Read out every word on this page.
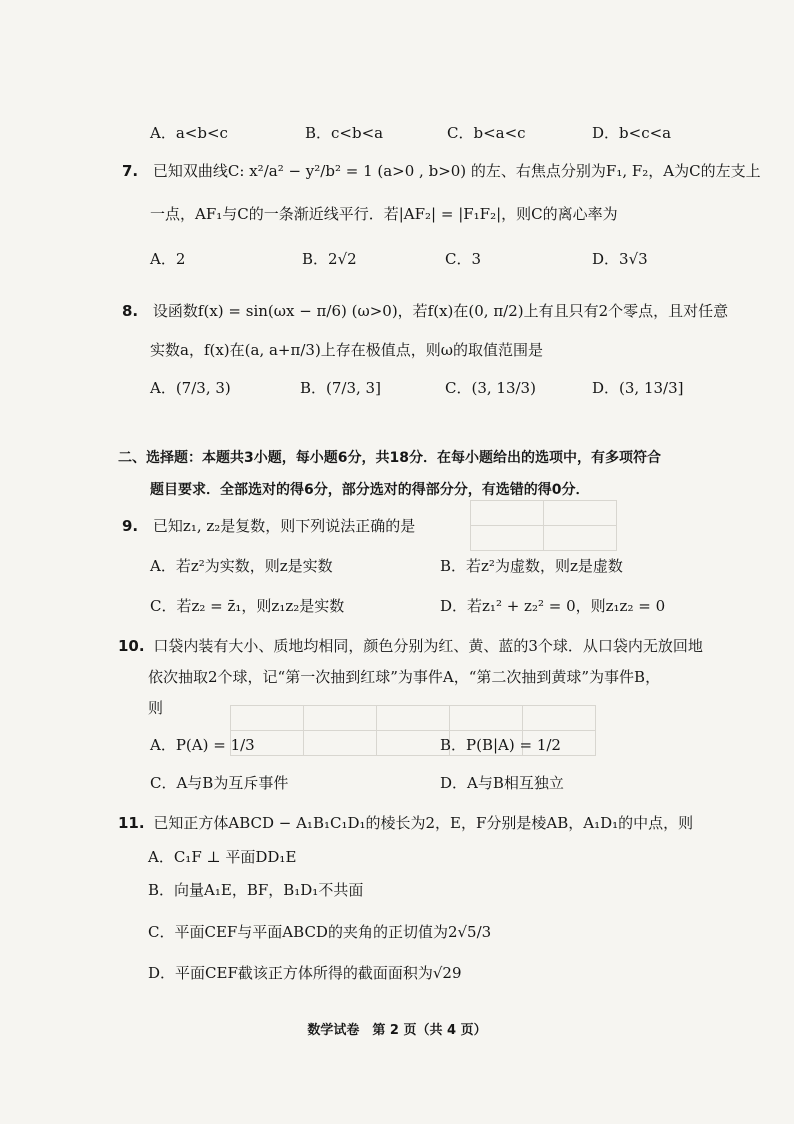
A．a<b<c	B．c<b<a	C．b<a<c	D．b<c<a
7. 已知双曲线C: x²/a² − y²/b² = 1 (a>0 , b>0) 的左、右焦点分别为F₁, F₂，A为C的左支上
一点，AF₁与C的一条渐近线平行．若|AF₂| = |F₁F₂|，则C的离心率为
A．2	B．2√2	C．3	D．3√3
8. 设函数f(x) = sin(ωx − π/6) (ω>0)，若f(x)在(0, π/2)上有且只有2个零点，且对任意
实数a，f(x)在(a, a+π/3)上存在极值点，则ω的取值范围是
A．(7/3, 3)	B．(7/3, 3]	C．(3, 13/3)	D．(3, 13/3]
二、选择题：本题共3小题，每小题6分，共18分．在每小题给出的选项中，有多项符合
题目要求．全部选对的得6分，部分选对的得部分分，有选错的得0分．
9. 已知z₁, z₂是复数，则下列说法正确的是
A．若z²为实数，则z是实数	B．若z²为虚数，则z是虚数
C．若z₂ = z̄₁，则z₁z₂是实数	D．若z₁² + z₂² = 0，则z₁z₂ = 0
10. 口袋内装有大小、质地均相同，颜色分别为红、黄、蓝的3个球．从口袋内无放回地
依次抽取2个球，记“第一次抽到红球”为事件A，“第二次抽到黄球”为事件B，
则
A．P(A) = 1/3	B．P(B|A) = 1/2
C．A与B为互斥事件	D．A与B相互独立
11. 已知正方体ABCD − A₁B₁C₁D₁的棱长为2，E，F分别是棱AB，A₁D₁的中点，则
A．C₁F ⊥ 平面DD₁E
B．向量A₁E，BF，B₁D₁不共面
C．平面CEF与平面ABCD的夹角的正切值为2√5/3
D．平面CEF截该正方体所得的截面面积为√29
数学试卷　第 2 页（共 4 页）
